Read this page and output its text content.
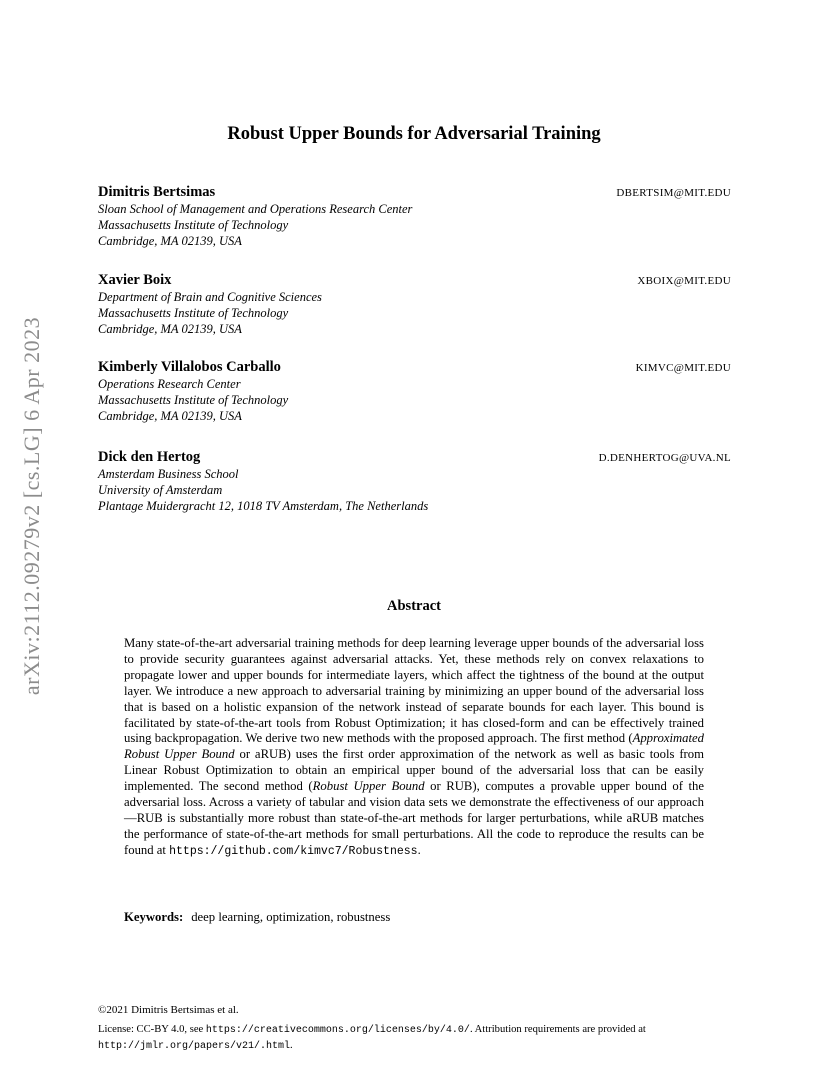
arXiv:2112.09279v2 [cs.LG] 6 Apr 2023
Robust Upper Bounds for Adversarial Training
Dimitris Bertsimas	DBERTSIM@MIT.EDU
Sloan School of Management and Operations Research Center
Massachusetts Institute of Technology
Cambridge, MA 02139, USA
Xavier Boix	XBOIX@MIT.EDU
Department of Brain and Cognitive Sciences
Massachusetts Institute of Technology
Cambridge, MA 02139, USA
Kimberly Villalobos Carballo	KIMVC@MIT.EDU
Operations Research Center
Massachusetts Institute of Technology
Cambridge, MA 02139, USA
Dick den Hertog	D.DENHERTOG@UVA.NL
Amsterdam Business School
University of Amsterdam
Plantage Muidergracht 12, 1018 TV Amsterdam, The Netherlands
Abstract
Many state-of-the-art adversarial training methods for deep learning leverage upper bounds of the adversarial loss to provide security guarantees against adversarial attacks. Yet, these methods rely on convex relaxations to propagate lower and upper bounds for intermediate layers, which affect the tightness of the bound at the output layer. We introduce a new approach to adversarial training by minimizing an upper bound of the adversarial loss that is based on a holistic expansion of the network instead of separate bounds for each layer. This bound is facilitated by state-of-the-art tools from Robust Optimization; it has closed-form and can be effectively trained using backpropagation. We derive two new methods with the proposed approach. The first method (Approximated Robust Upper Bound or aRUB) uses the first order approximation of the network as well as basic tools from Linear Robust Optimization to obtain an empirical upper bound of the adversarial loss that can be easily implemented. The second method (Robust Upper Bound or RUB), computes a provable upper bound of the adversarial loss. Across a variety of tabular and vision data sets we demonstrate the effectiveness of our approach —RUB is substantially more robust than state-of-the-art methods for larger perturbations, while aRUB matches the performance of state-of-the-art methods for small perturbations. All the code to reproduce the results can be found at https://github.com/kimvc7/Robustness.
Keywords: deep learning, optimization, robustness
©2021 Dimitris Bertsimas et al.
License: CC-BY 4.0, see https://creativecommons.org/licenses/by/4.0/. Attribution requirements are provided at http://jmlr.org/papers/v21/.html.
